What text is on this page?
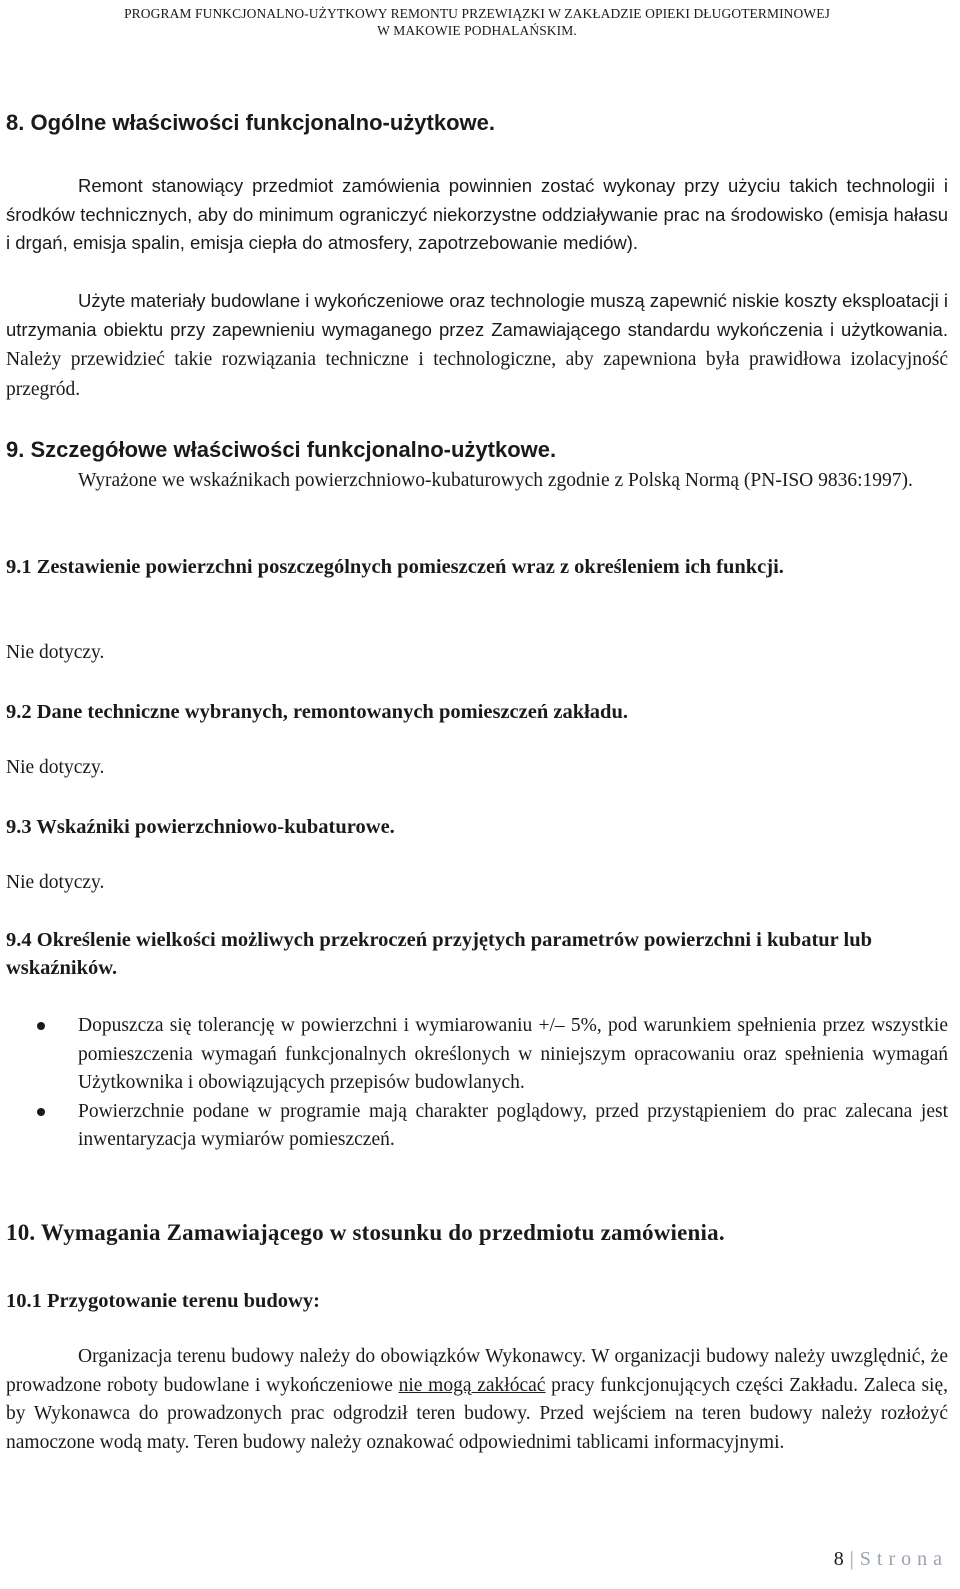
PROGRAM FUNKCJONALNO-UŻYTKOWY REMONTU PRZEWIĄZKI W ZAKŁADZIE OPIEKI DŁUGOTERMINOWEJ
W MAKOWIE PODHALAŃSKIM.
8. Ogólne właściwości funkcjonalno-użytkowe.
Remont stanowiący przedmiot zamówienia powinnien zostać wykonay przy użyciu takich technologii i środków technicznych, aby do minimum ograniczyć niekorzystne oddziaływanie prac na środowisko (emisja hałasu i drgań, emisja spalin, emisja ciepła do atmosfery, zapotrzebowanie mediów).
Użyte materiały budowlane i wykończeniowe oraz technologie muszą zapewnić niskie koszty eksploatacji i utrzymania obiektu przy zapewnieniu wymaganego przez Zamawiającego standardu wykończenia i użytkowania. Należy przewidzieć takie rozwiązania techniczne i technologiczne, aby zapewniona była prawidłowa izolacyjność przegród.
9. Szczegółowe właściwości funkcjonalno-użytkowe.
Wyrażone we wskaźnikach powierzchniowo-kubaturowych zgodnie z Polską Normą (PN-ISO 9836:1997).
9.1 Zestawienie powierzchni poszczególnych pomieszczeń wraz z określeniem ich funkcji.
Nie dotyczy.
9.2 Dane techniczne wybranych, remontowanych pomieszczeń zakładu.
Nie dotyczy.
9.3 Wskaźniki powierzchniowo-kubaturowe.
Nie dotyczy.
9.4 Określenie wielkości możliwych przekroczeń przyjętych parametrów powierzchni i kubatur lub wskaźników.
Dopuszcza się tolerancję w powierzchni i wymiarowaniu +/– 5%, pod warunkiem spełnienia przez wszystkie pomieszczenia wymagań funkcjonalnych określonych w niniejszym opracowaniu oraz spełnienia wymagań Użytkownika i obowiązujących przepisów budowlanych.
Powierzchnie podane w programie mają charakter poglądowy, przed przystąpieniem do prac zalecana jest inwentaryzacja wymiarów pomieszczeń.
10. Wymagania Zamawiającego w stosunku do przedmiotu zamówienia.
10.1 Przygotowanie terenu budowy:
Organizacja terenu budowy należy do obowiązków Wykonawcy. W organizacji budowy należy uwzględnić, że prowadzone roboty budowlane i wykończeniowe nie mogą zakłócać pracy funkcjonujących części Zakładu. Zaleca się, by Wykonawca do prowadzonych prac odgrodził teren budowy. Przed wejściem na teren budowy należy rozłożyć namoczone wodą maty. Teren budowy należy oznakować odpowiednimi tablicami informacyjnymi.
8 | Strona
